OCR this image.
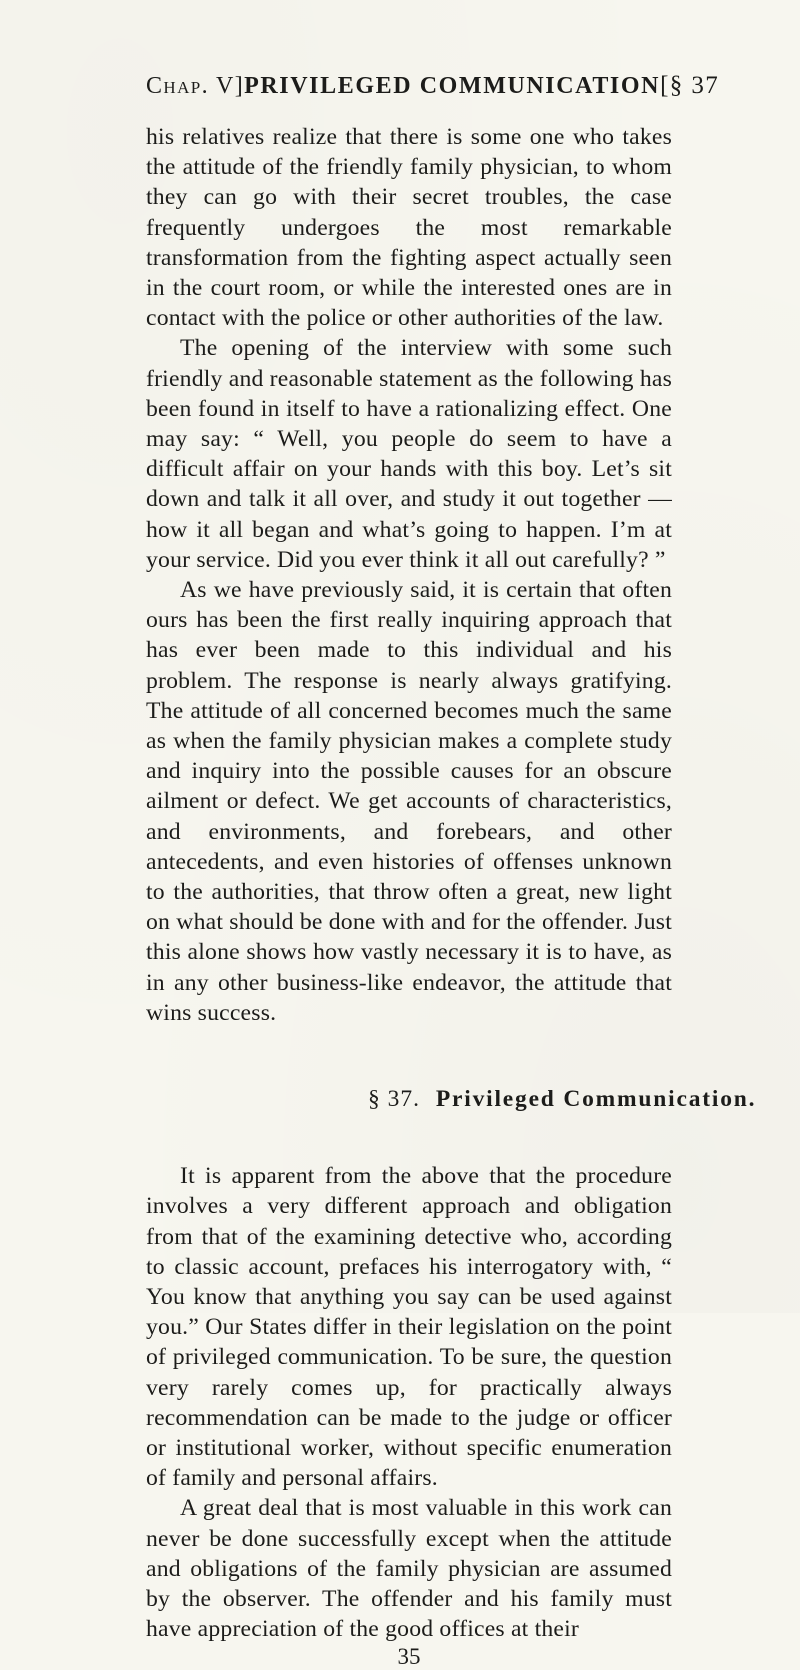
Chap. V] PRIVILEGED COMMUNICATION [§ 37

his relatives realize that there is some one who takes the attitude of the friendly family physician, to whom they can go with their secret troubles, the case frequently undergoes the most remarkable transformation from the fighting aspect actually seen in the court room, or while the interested ones are in contact with the police or other authorities of the law.

The opening of the interview with some such friendly and reasonable statement as the following has been found in itself to have a rationalizing effect. One may say: “ Well, you people do seem to have a difficult affair on your hands with this boy. Let’s sit down and talk it all over, and study it out together — how it all began and what’s going to happen. I’m at your service. Did you ever think it all out carefully? ”

As we have previously said, it is certain that often ours has been the first really inquiring approach that has ever been made to this individual and his problem. The response is nearly always gratifying. The attitude of all concerned becomes much the same as when the family physician makes a complete study and inquiry into the possible causes for an obscure ailment or defect. We get accounts of characteristics, and environments, and forebears, and other antecedents, and even histories of offenses unknown to the authorities, that throw often a great, new light on what should be done with and for the offender. Just this alone shows how vastly necessary it is to have, as in any other business-like endeavor, the attitude that wins success.

§ 37. Privileged Communication.

It is apparent from the above that the procedure involves a very different approach and obligation from that of the examining detective who, according to classic account, prefaces his interrogatory with, “ You know that anything you say can be used against you.” Our States differ in their legislation on the point of privileged communication. To be sure, the question very rarely comes up, for practically always recommendation can be made to the judge or officer or institutional worker, without specific enumeration of family and personal affairs.

A great deal that is most valuable in this work can never be done successfully except when the attitude and obligations of the family physician are assumed by the observer. The offender and his family must have appreciation of the good offices at their

35
